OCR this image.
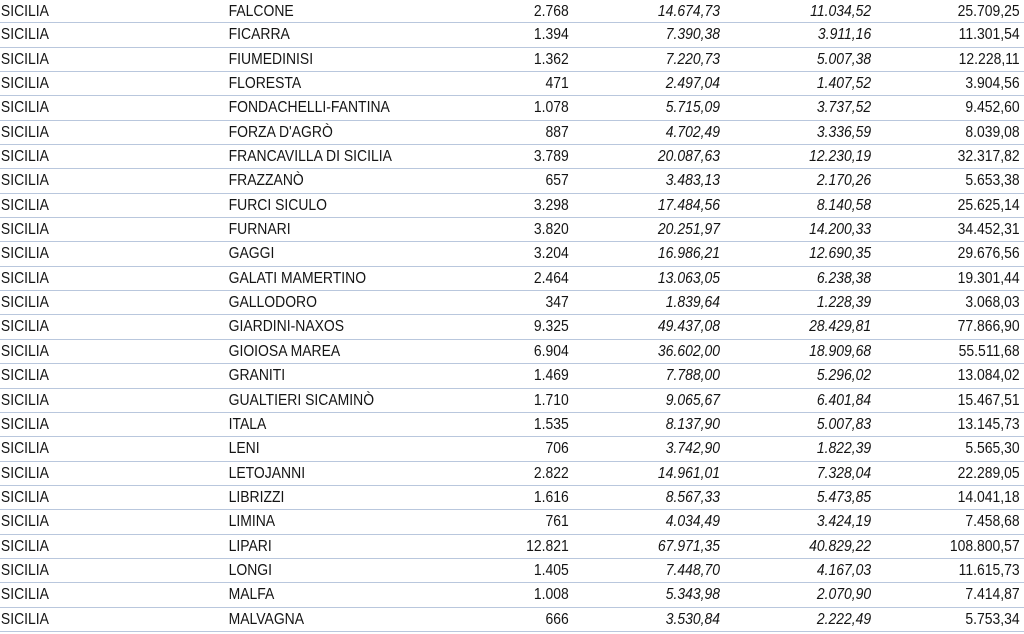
SICILIA	FALCONE	2.768	14.674,73	11.034,52	25.709,25
SICILIA	FICARRA	1.394	7.390,38	3.911,16	11.301,54
SICILIA	FIUMEDINISI	1.362	7.220,73	5.007,38	12.228,11
SICILIA	FLORESTA	471	2.497,04	1.407,52	3.904,56
SICILIA	FONDACHELLI-FANTINA	1.078	5.715,09	3.737,52	9.452,60
SICILIA	FORZA D'AGRÒ	887	4.702,49	3.336,59	8.039,08
SICILIA	FRANCAVILLA DI SICILIA	3.789	20.087,63	12.230,19	32.317,82
SICILIA	FRAZZANÒ	657	3.483,13	2.170,26	5.653,38
SICILIA	FURCI SICULO	3.298	17.484,56	8.140,58	25.625,14
SICILIA	FURNARI	3.820	20.251,97	14.200,33	34.452,31
SICILIA	GAGGI	3.204	16.986,21	12.690,35	29.676,56
SICILIA	GALATI MAMERTINO	2.464	13.063,05	6.238,38	19.301,44
SICILIA	GALLODORO	347	1.839,64	1.228,39	3.068,03
SICILIA	GIARDINI-NAXOS	9.325	49.437,08	28.429,81	77.866,90
SICILIA	GIOIOSA MAREA	6.904	36.602,00	18.909,68	55.511,68
SICILIA	GRANITI	1.469	7.788,00	5.296,02	13.084,02
SICILIA	GUALTIERI SICAMINÒ	1.710	9.065,67	6.401,84	15.467,51
SICILIA	ITALA	1.535	8.137,90	5.007,83	13.145,73
SICILIA	LENI	706	3.742,90	1.822,39	5.565,30
SICILIA	LETOJANNI	2.822	14.961,01	7.328,04	22.289,05
SICILIA	LIBRIZZI	1.616	8.567,33	5.473,85	14.041,18
SICILIA	LIMINA	761	4.034,49	3.424,19	7.458,68
SICILIA	LIPARI	12.821	67.971,35	40.829,22	108.800,57
SICILIA	LONGI	1.405	7.448,70	4.167,03	11.615,73
SICILIA	MALFA	1.008	5.343,98	2.070,90	7.414,87
SICILIA	MALVAGNA	666	3.530,84	2.222,49	5.753,34
